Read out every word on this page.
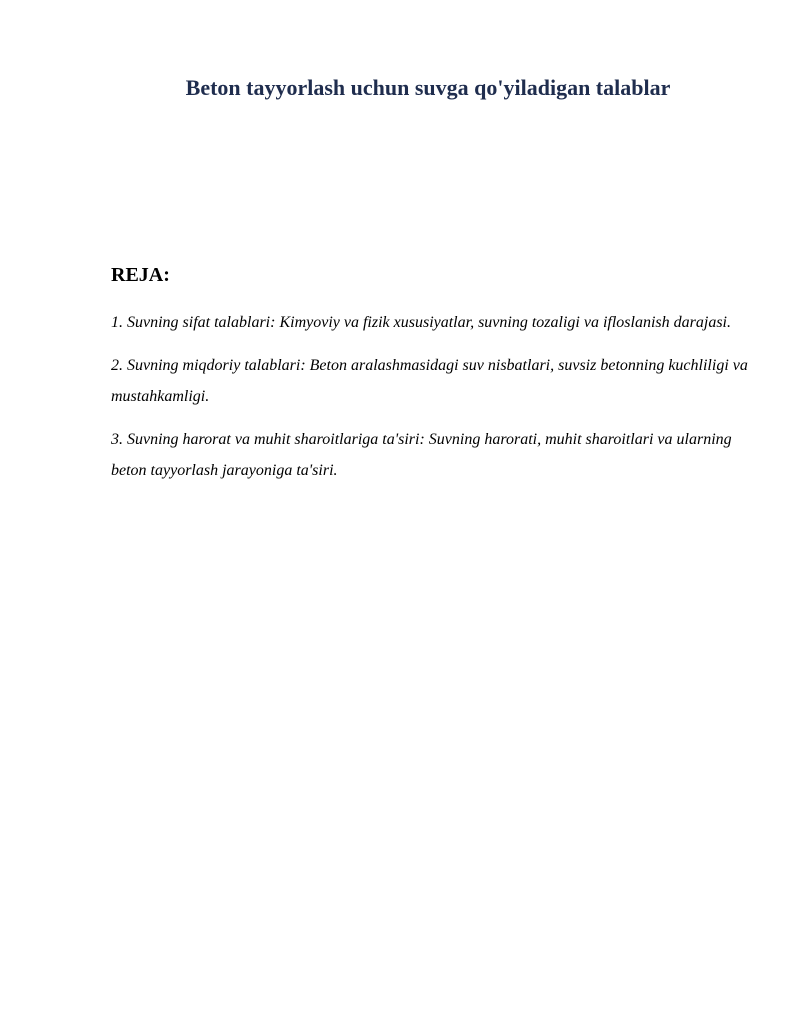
Beton tayyorlash uchun suvga qo'yiladigan talablar
REJA:
1. Suvning sifat talablari: Kimyoviy va fizik xususiyatlar, suvning tozaligi va ifloslanish darajasi.
2. Suvning miqdoriy talablari: Beton aralashmasidagi suv nisbatlari, suvsiz betonning kuchliligi va mustahkamligi.
3. Suvning harorat va muhit sharoitlariga ta'siri: Suvning harorati, muhit sharoitlari va ularning beton tayyorlash jarayoniga ta'siri.
